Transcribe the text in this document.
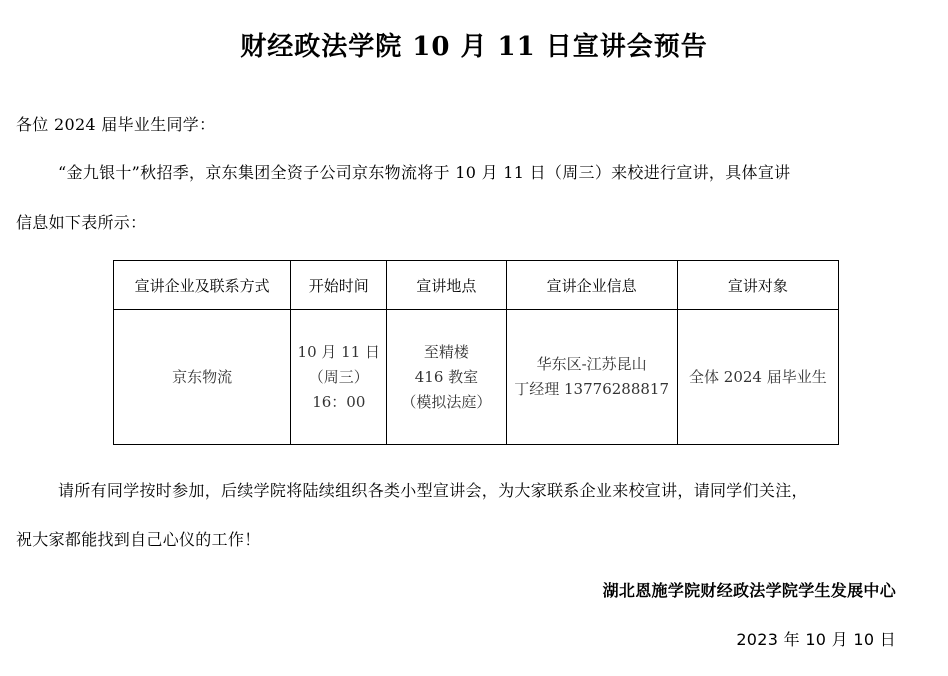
财经政法学院 10 月 11 日宣讲会预告
各位 2024 届毕业生同学：
“金九银十”秋招季，京东集团全资子公司京东物流将于 10 月 11 日（周三）来校进行宣讲，具体宣讲
信息如下表所示：
宣讲企业及联系方式	开始时间	宣讲地点	宣讲企业信息	宣讲对象

京东物流	10 月 11 日
（周三）
16：00	至精楼
416 教室
（模拟法庭）	华东区-江苏昆山
丁经理 13776288817	全体 2024 届毕业生
请所有同学按时参加，后续学院将陆续组织各类小型宣讲会，为大家联系企业来校宣讲，请同学们关注，
祝大家都能找到自己心仪的工作！
湖北恩施学院财经政法学院学生发展中心
2023 年 10 月 10 日
